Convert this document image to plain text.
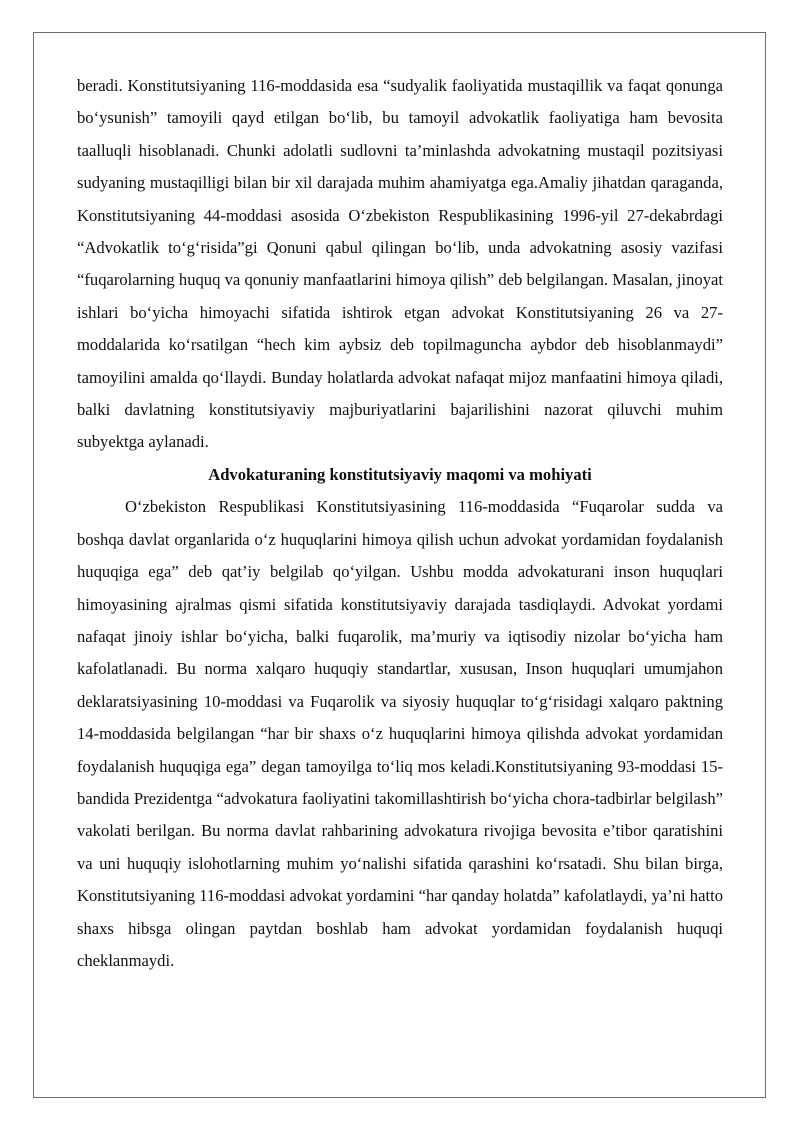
beradi. Konstitutsiyaning 116-moddasida esa “sudyalik faoliyatida mustaqillik va faqat qonunga bo‘ysunish” tamoyili qayd etilgan bo‘lib, bu tamoyil advokatlik faoliyatiga ham bevosita taalluqli hisoblanadi. Chunki adolatli sudlovni ta’minlashda advokatning mustaqil pozitsiyasi sudyaning mustaqilligi bilan bir xil darajada muhim ahamiyatga ega.Amaliy jihatdan qaraganda, Konstitutsiyaning 44-moddasi asosida O‘zbekiston Respublikasining 1996-yil 27-dekabrdagi “Advokatlik to‘g‘risida”gi Qonuni qabul qilingan bo‘lib, unda advokatning asosiy vazifasi “fuqarolarning huquq va qonuniy manfaatlarini himoya qilish” deb belgilangan. Masalan, jinoyat ishlari bo‘yicha himoyachi sifatida ishtirok etgan advokat Konstitutsiyaning 26 va 27-moddalarida ko‘rsatilgan “hech kim aybsiz deb topilmaguncha aybdor deb hisoblanmaydi” tamoyilini amalda qo‘llaydi. Bunday holatlarda advokat nafaqat mijoz manfaatini himoya qiladi, balki davlatning konstitutsiyaviy majburiyatlarini bajarilishini nazorat qiluvchi muhim subyektga aylanadi.

Advokaturaning konstitutsiyaviy maqomi va mohiyati

O‘zbekiston Respublikasi Konstitutsiyasining 116-moddasida “Fuqarolar sudda va boshqa davlat organlarida o‘z huquqlarini himoya qilish uchun advokat yordamidan foydalanish huquqiga ega” deb qat’iy belgilab qo‘yilgan. Ushbu modda advokaturani inson huquqlari himoyasining ajralmas qismi sifatida konstitutsiyaviy darajada tasdiqlaydi. Advokat yordami nafaqat jinoiy ishlar bo‘yicha, balki fuqarolik, ma’muriy va iqtisodiy nizolar bo‘yicha ham kafolatlanadi. Bu norma xalqaro huquqiy standartlar, xususan, Inson huquqlari umumjahon deklaratsiyasining 10-moddasi va Fuqarolik va siyosiy huquqlar to‘g‘risidagi xalqaro paktning 14-moddasida belgilangan “har bir shaxs o‘z huquqlarini himoya qilishda advokat yordamidan foydalanish huquqiga ega” degan tamoyilga to‘liq mos keladi.Konstitutsiyaning 93-moddasi 15-bandida Prezidentga “advokatura faoliyatini takomillashtirish bo‘yicha chora-tadbirlar belgilash” vakolati berilgan. Bu norma davlat rahbarining advokatura rivojiga bevosita e’tibor qaratishini va uni huquqiy islohotlarning muhim yo‘nalishi sifatida qarashini ko‘rsatadi. Shu bilan birga, Konstitutsiyaning 116-moddasi advokat yordamini “har qanday holatda” kafolatlaydi, ya’ni hatto shaxs hibsga olingan paytdan boshlab ham advokat yordamidan foydalanish huquqi cheklanmaydi.
